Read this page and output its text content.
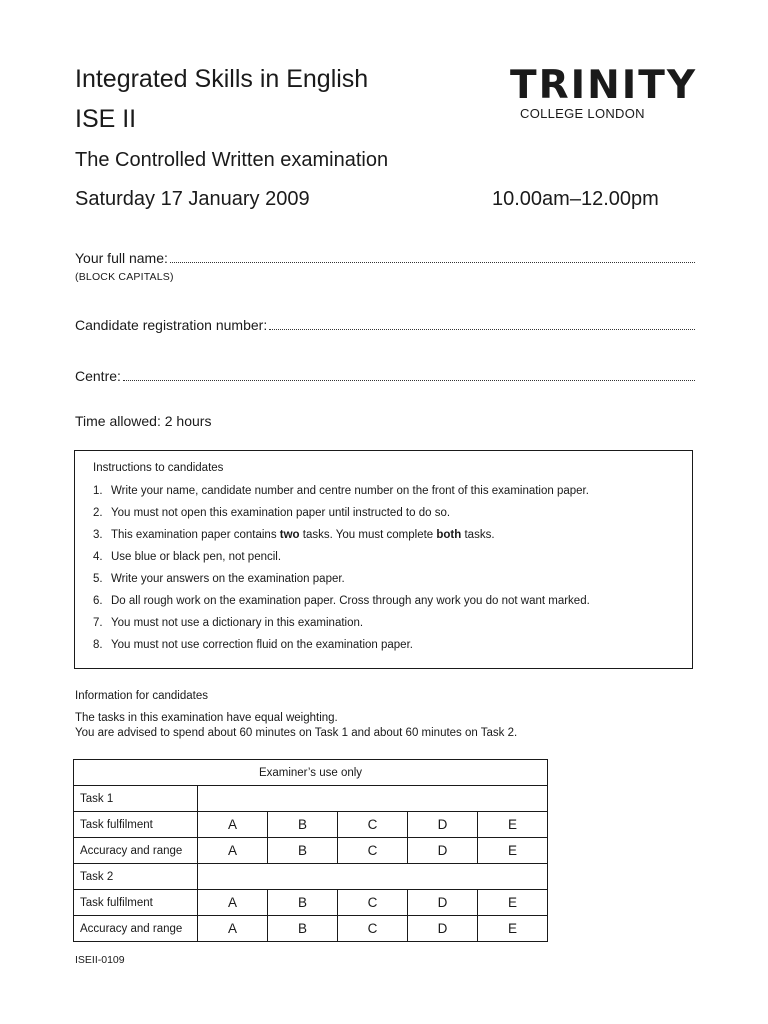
Integrated Skills in English
ISE II
The Controlled Written examination
Saturday 17 January 2009	10.00am–12.00pm
TRINITY
COLLEGE LONDON
Your full name:
(BLOCK CAPITALS)
Candidate registration number:
Centre:
Time allowed: 2 hours
Instructions to candidates
1. Write your name, candidate number and centre number on the front of this examination paper.
2. You must not open this examination paper until instructed to do so.
3. This examination paper contains two tasks. You must complete both tasks.
4. Use blue or black pen, not pencil.
5. Write your answers on the examination paper.
6. Do all rough work on the examination paper. Cross through any work you do not want marked.
7. You must not use a dictionary in this examination.
8. You must not use correction fluid on the examination paper.
Information for candidates
The tasks in this examination have equal weighting.
You are advised to spend about 60 minutes on Task 1 and about 60 minutes on Task 2.
Examiner’s use only					
Task 1					
Task fulfilment	A	B	C	D	E
Accuracy and range	A	B	C	D	E
Task 2					
Task fulfilment	A	B	C	D	E
Accuracy and range	A	B	C	D	E
ISEII-0109
